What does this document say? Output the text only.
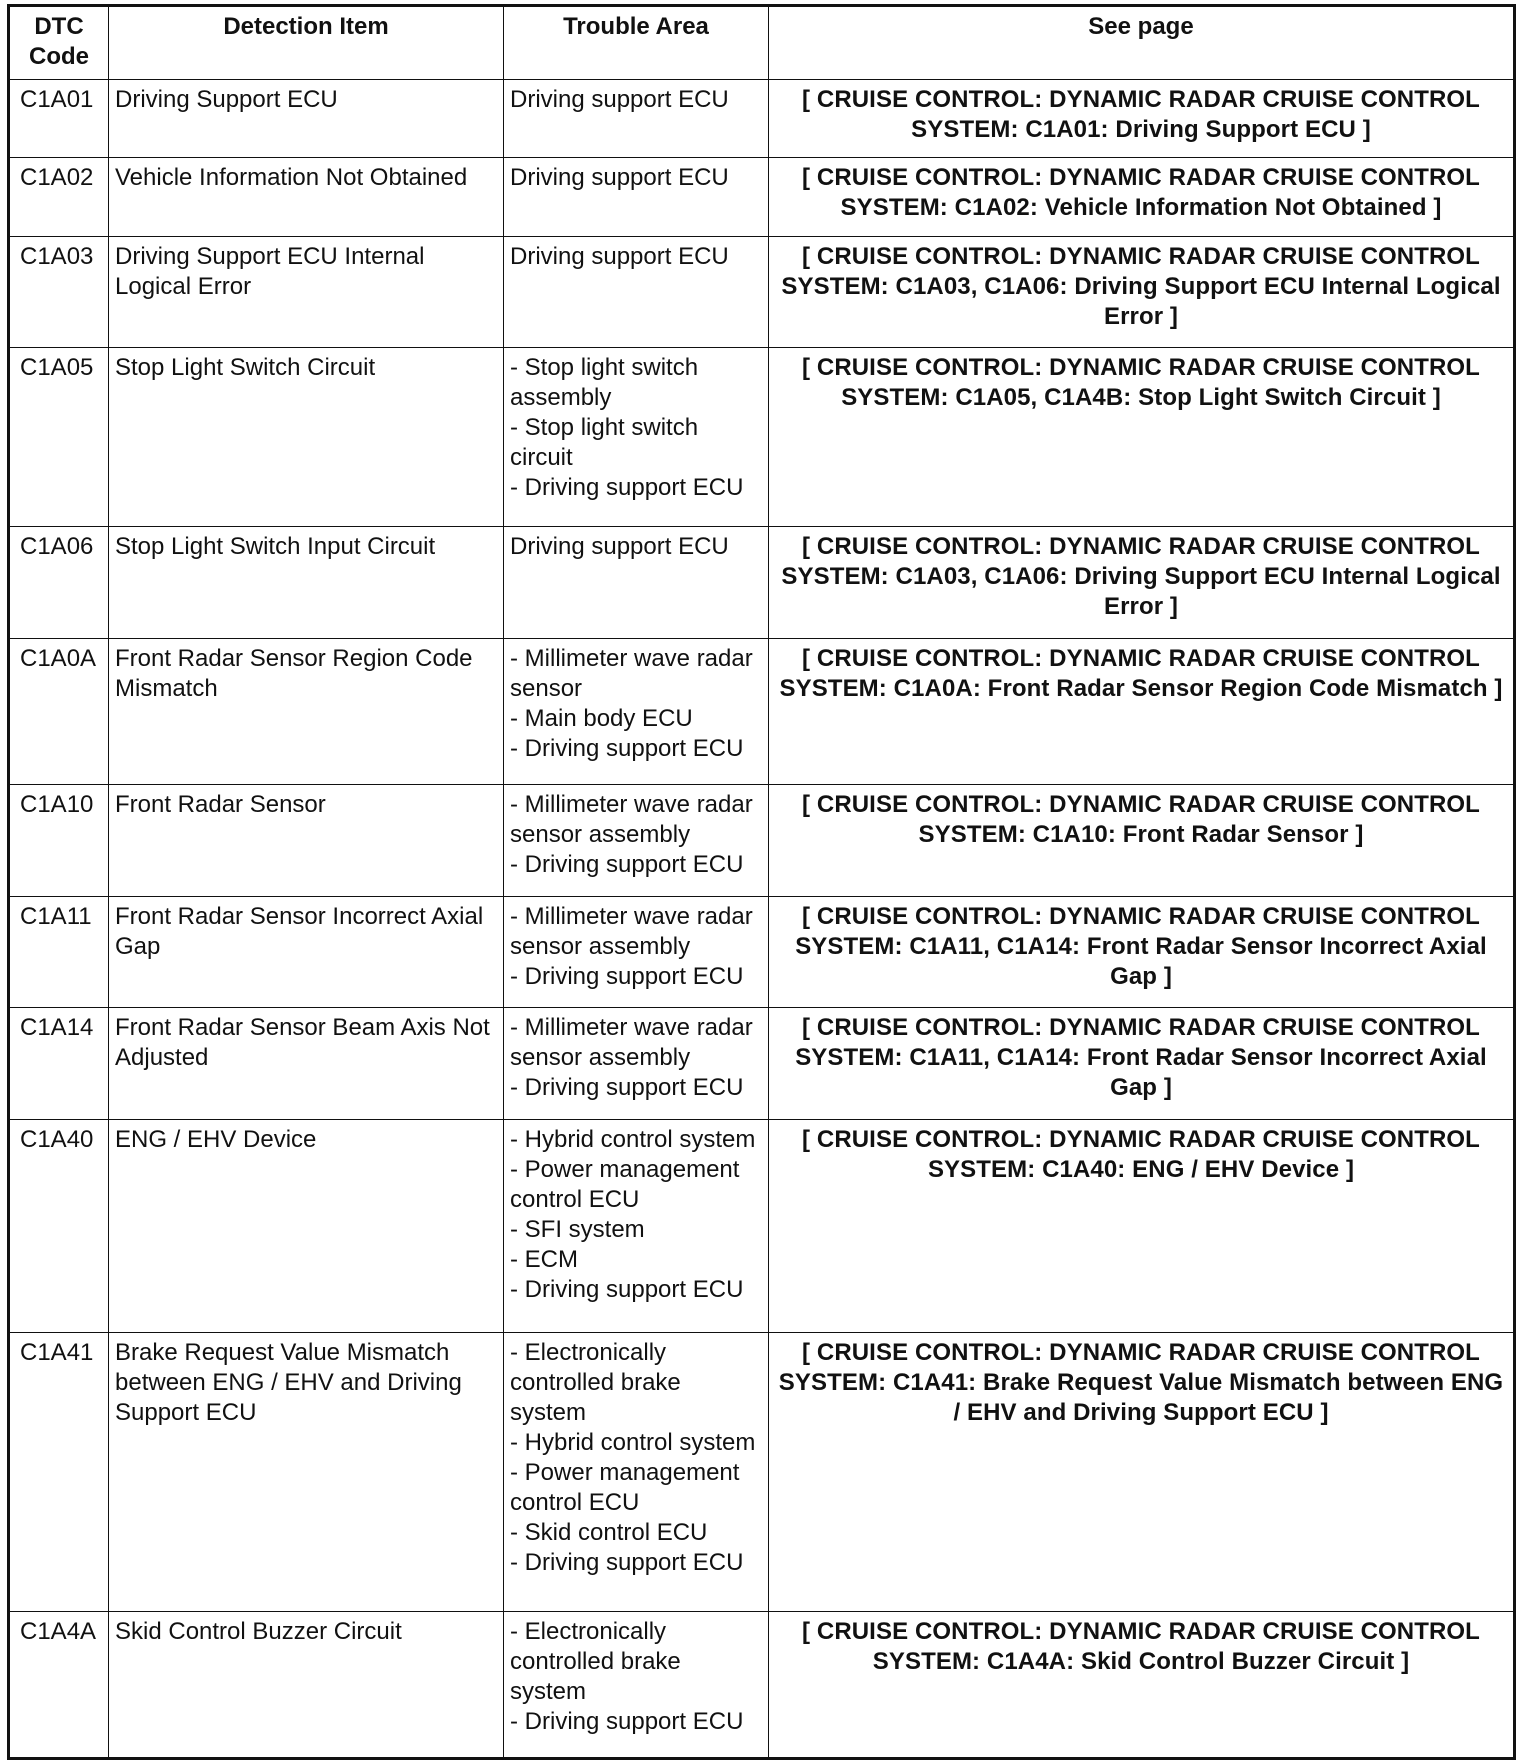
DTC
Code	Detection Item	Trouble Area	See page
C1A01	Driving Support ECU	Driving support ECU	[ CRUISE CONTROL: DYNAMIC RADAR CRUISE CONTROL SYSTEM: C1A01: Driving Support ECU ]
C1A02	Vehicle Information Not Obtained	Driving support ECU	[ CRUISE CONTROL: DYNAMIC RADAR CRUISE CONTROL SYSTEM: C1A02: Vehicle Information Not Obtained ]
C1A03	Driving Support ECU Internal Logical Error	Driving support ECU	[ CRUISE CONTROL: DYNAMIC RADAR CRUISE CONTROL SYSTEM: C1A03, C1A06: Driving Support ECU Internal Logical Error ]
C1A05	Stop Light Switch Circuit	- Stop light switch assembly
- Stop light switch circuit
- Driving support ECU	[ CRUISE CONTROL: DYNAMIC RADAR CRUISE CONTROL SYSTEM: C1A05, C1A4B: Stop Light Switch Circuit ]
C1A06	Stop Light Switch Input Circuit	Driving support ECU	[ CRUISE CONTROL: DYNAMIC RADAR CRUISE CONTROL SYSTEM: C1A03, C1A06: Driving Support ECU Internal Logical Error ]
C1A0A	Front Radar Sensor Region Code Mismatch	- Millimeter wave radar sensor
- Main body ECU
- Driving support ECU	[ CRUISE CONTROL: DYNAMIC RADAR CRUISE CONTROL SYSTEM: C1A0A: Front Radar Sensor Region Code Mismatch ]
C1A10	Front Radar Sensor	- Millimeter wave radar sensor assembly
- Driving support ECU	[ CRUISE CONTROL: DYNAMIC RADAR CRUISE CONTROL SYSTEM: C1A10: Front Radar Sensor ]
C1A11	Front Radar Sensor Incorrect Axial Gap	- Millimeter wave radar sensor assembly
- Driving support ECU	[ CRUISE CONTROL: DYNAMIC RADAR CRUISE CONTROL SYSTEM: C1A11, C1A14: Front Radar Sensor Incorrect Axial Gap ]
C1A14	Front Radar Sensor Beam Axis Not Adjusted	- Millimeter wave radar sensor assembly
- Driving support ECU	[ CRUISE CONTROL: DYNAMIC RADAR CRUISE CONTROL SYSTEM: C1A11, C1A14: Front Radar Sensor Incorrect Axial Gap ]
C1A40	ENG / EHV Device	- Hybrid control system
- Power management control ECU
- SFI system
- ECM
- Driving support ECU	[ CRUISE CONTROL: DYNAMIC RADAR CRUISE CONTROL SYSTEM: C1A40: ENG / EHV Device ]
C1A41	Brake Request Value Mismatch between ENG / EHV and Driving Support ECU	- Electronically controlled brake system
- Hybrid control system
- Power management control ECU
- Skid control ECU
- Driving support ECU	[ CRUISE CONTROL: DYNAMIC RADAR CRUISE CONTROL SYSTEM: C1A41: Brake Request Value Mismatch between ENG / EHV and Driving Support ECU ]
C1A4A	Skid Control Buzzer Circuit	- Electronically controlled brake system
- Driving support ECU	[ CRUISE CONTROL: DYNAMIC RADAR CRUISE CONTROL SYSTEM: C1A4A: Skid Control Buzzer Circuit ]
